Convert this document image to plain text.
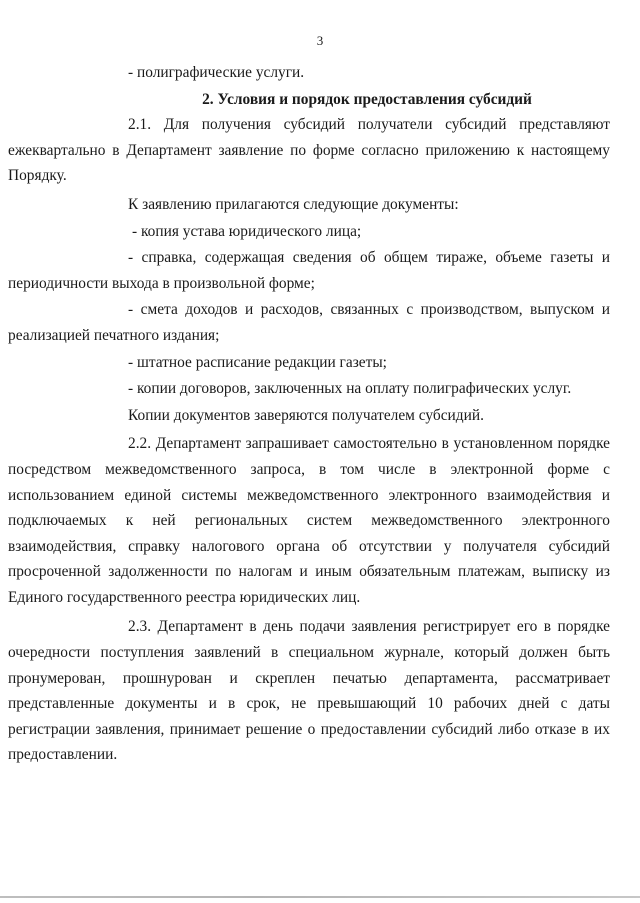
3

- полиграфические услуги.

2. Условия и порядок предоставления субсидий

2.1. Для получения субсидий получатели субсидий представляют ежеквартально в Департамент заявление по форме согласно приложению к настоящему Порядку.

К заявлению прилагаются следующие документы:

- копия устава юридического лица;

- справка, содержащая сведения об общем тираже, объеме газеты и периодичности выхода в произвольной форме;

- смета доходов и расходов, связанных с производством, выпуском и реализацией печатного издания;

- штатное расписание редакции газеты;

- копии договоров, заключенных на оплату полиграфических услуг.

Копии документов заверяются получателем субсидий.

2.2. Департамент запрашивает самостоятельно в установленном порядке посредством межведомственного запроса, в том числе в электронной форме с использованием единой системы межведомственного электронного взаимодействия и подключаемых к ней региональных систем межведомственного электронного взаимодействия, справку налогового органа об отсутствии у получателя субсидий просроченной задолженности по налогам и иным обязательным платежам, выписку из Единого государственного реестра юридических лиц.

2.3. Департамент в день подачи заявления регистрирует его в порядке очередности поступления заявлений в специальном журнале, который должен быть пронумерован, прошнурован и скреплен печатью департамента, рассматривает представленные документы и в срок, не превышающий 10 рабочих дней с даты регистрации заявления, принимает решение о предоставлении субсидий либо отказе в их предоставлении.
